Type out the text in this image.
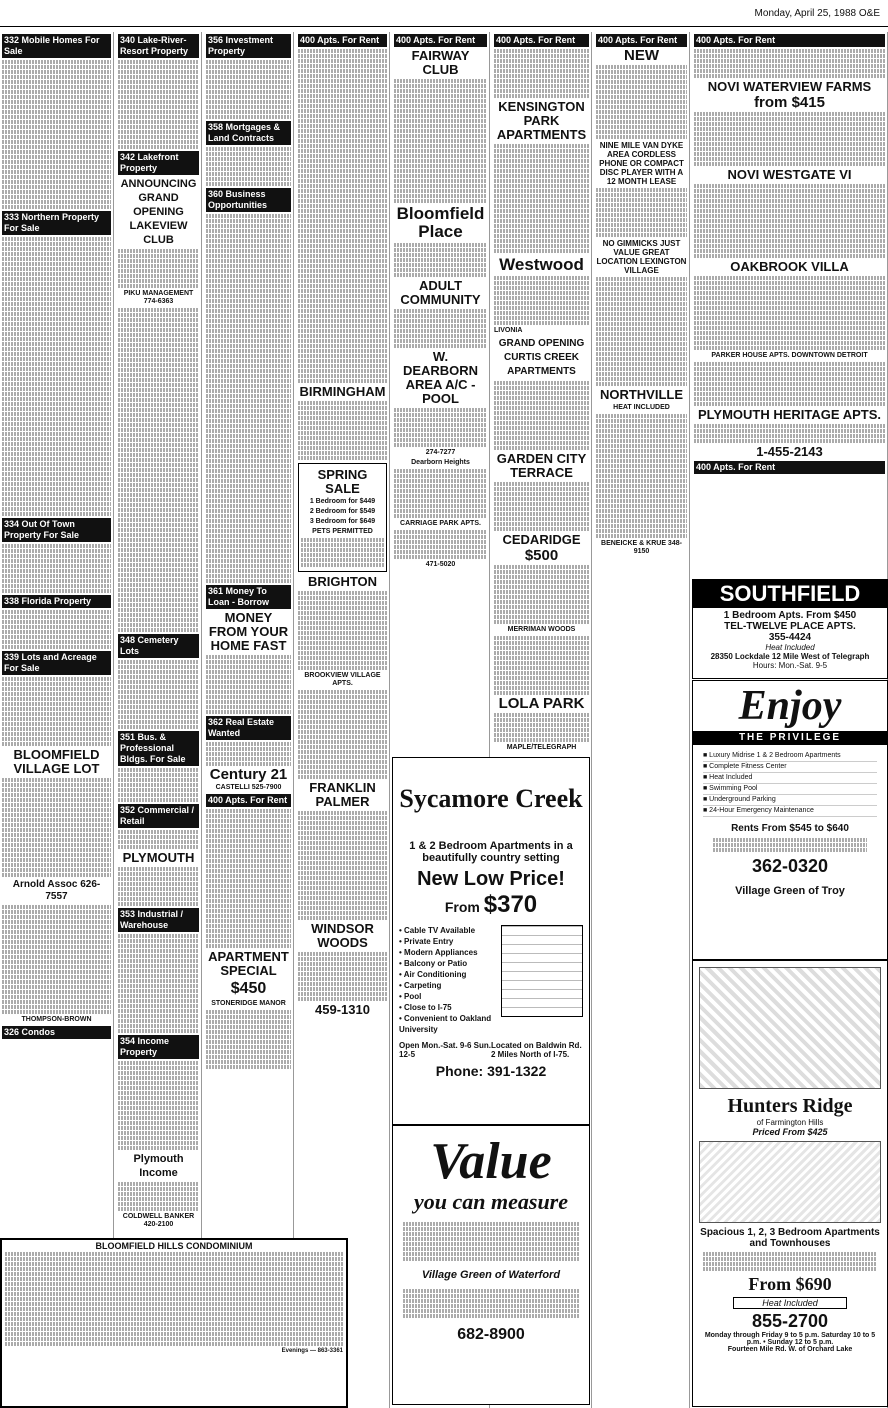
Monday, April 25, 1988 O&E
332 Mobile Homes For Sale
333 Northern Property For Sale
334 Out Of Town Property For Sale
338 Florida Property
339 Lots and Acreage For Sale
BLOOMFIELD VILLAGE LOT
Arnold Assoc 626-7557
THOMPSON-BROWN
326 Condos
340 Lake-River-Resort Property
342 Lakefront Property
ANNOUNCING GRAND OPENING LAKEVIEW CLUB
PIKU MANAGEMENT 774-6363
348 Cemetery Lots
351 Bus. & Professional Bldgs. For Sale
352 Commercial / Retail
PLYMOUTH
353 Industrial / Warehouse
354 Income Property
Plymouth Income
COLDWELL BANKER 420-2100
356 Investment Property
358 Mortgages & Land Contracts
360 Business Opportunities
361 Money To Loan - Borrow
MONEY FROM YOUR HOME FAST
362 Real Estate Wanted
Century 21
CASTELLI 525-7900
400 Apts. For Rent
APARTMENT SPECIAL
$450
STONERIDGE MANOR
400 Apts. For Rent
BIRMINGHAM
SPRING SALE
1 Bedroom for $449
2 Bedroom for $549
3 Bedroom for $649
PETS PERMITTED
BRIGHTON
BROOKVIEW VILLAGE APTS.
FRANKLIN PALMER
WINDSOR WOODS
459-1310
400 Apts. For Rent
FAIRWAY CLUB
Bloomfield Place
ADULT COMMUNITY
W. DEARBORN AREA A/C - POOL
274-7277
Dearborn Heights
CARRIAGE PARK APTS.
471-5020
400 Apts. For Rent
KENSINGTON PARK APARTMENTS
Westwood
LIVONIA
GRAND OPENING CURTIS CREEK APARTMENTS
GARDEN CITY TERRACE
CEDARIDGE
$500
MERRIMAN WOODS
LOLA PARK
MAPLE/TELEGRAPH
400 Apts. For Rent
NEW
NINE MILE VAN DYKE AREA CORDLESS PHONE OR COMPACT DISC PLAYER WITH A 12 MONTH LEASE
NO GIMMICKS JUST VALUE GREAT LOCATION LEXINGTON VILLAGE
NORTHVILLE
HEAT INCLUDED
BENEICKE & KRUE 348-9150
400 Apts. For Rent
NOVI WATERVIEW FARMS
from $415
NOVI WESTGATE VI
OAKBROOK VILLA
PARKER HOUSE APTS. DOWNTOWN DETROIT
PLYMOUTH HERITAGE APTS.
1-455-2143
400 Apts. For Rent
SOUTHFIELD
1 Bedroom Apts. From $450
TEL-TWELVE PLACE APTS.
355-4424
Heat Included
28350 Lockdale 12 Mile West of Telegraph
Hours: Mon.-Sat. 9-5
Enjoy
THE PRIVILEGE
■ Luxury Midrise 1 & 2 Bedroom Apartments
■ Complete Fitness Center
■ Heat Included
■ Swimming Pool
■ Underground Parking
■ 24-Hour Emergency Maintenance
Rents From $545 to $640
362-0320
Village Green of Troy
Hunters Ridge
of Farmington Hills
Priced From $425
Spacious 1, 2, 3 Bedroom Apartments and Townhouses
From $690
Heat Included
855-2700
Monday through Friday 9 to 5 p.m. Saturday 10 to 5 p.m. • Sunday 12 to 5 p.m.
Fourteen Mile Rd. W. of Orchard Lake
Sycamore Creek
1 & 2 Bedroom Apartments in a beautifully country setting
New Low Price!
From $370
• Cable TV Available
• Private Entry
• Modern Appliances
• Balcony or Patio
• Air Conditioning
• Carpeting
• Pool
• Close to I-75
• Convenient to Oakland University
Open Mon.-Sat. 9-6 Sun. 12-5
Located on Baldwin Rd. 2 Miles North of I-75.
Phone: 391-1322
Value
you can measure
Village Green of Waterford
682-8900
BLOOMFIELD HILLS CONDOMINIUM
Evenings — 863-3361
